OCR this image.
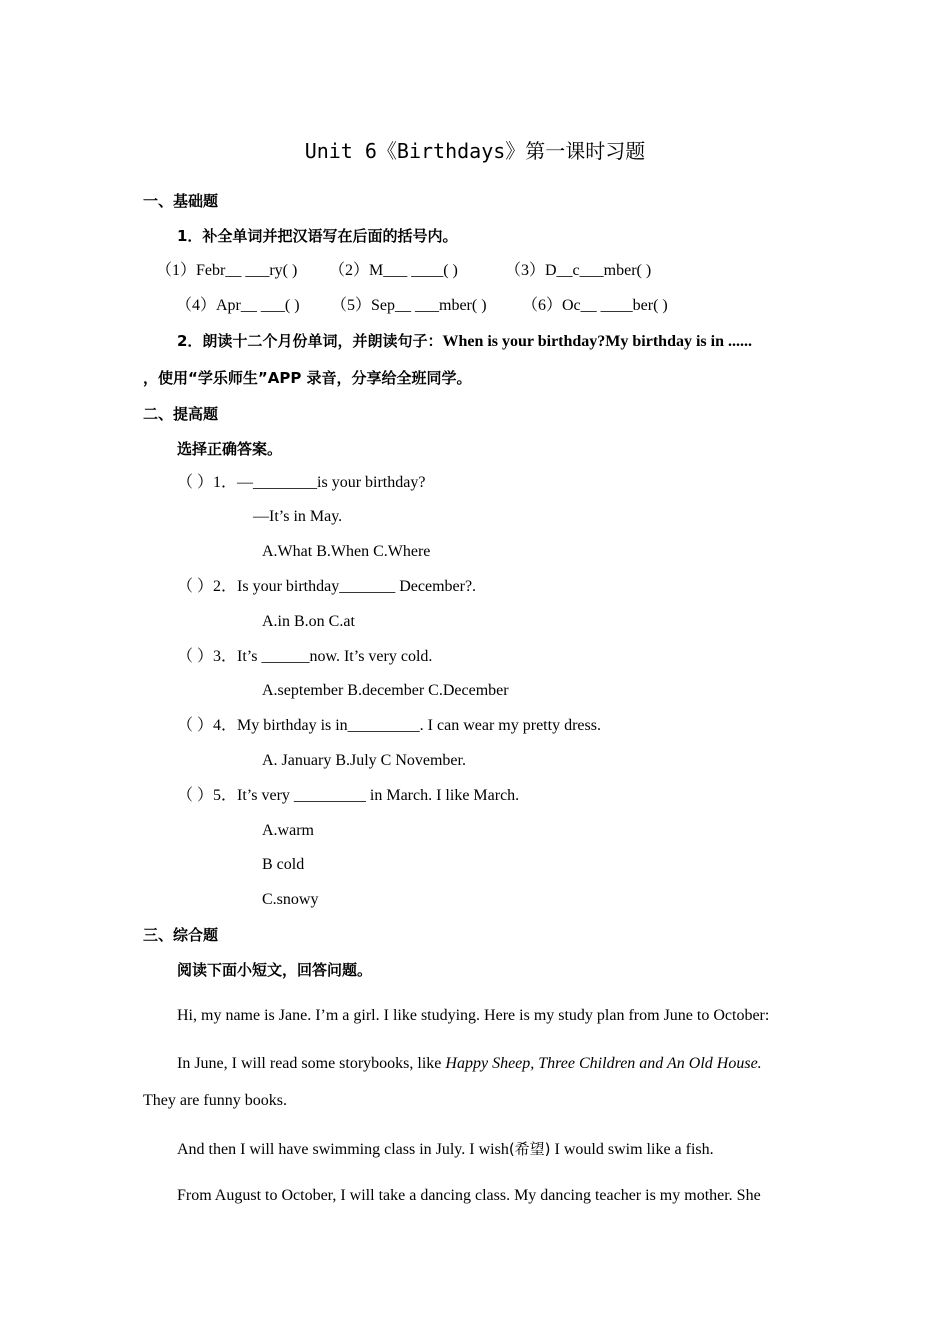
Unit 6《Birthdays》第一课时习题
一、基础题
1．补全单词并把汉语写在后面的括号内。
（1）Febr__ ___ry( ) （2）M___ ____( )	（3）D__c___mber( )
（4）Apr__ ___( ) （5）Sep__ ___mber( ) （6）Oc__ ____ber( )
2．朗读十二个月份单词，并朗读句子：When is your birthday?My birthday is in ......
，使用“学乐师生”APP 录音，分享给全班同学。
二、提高题
选择正确答案。
（ ）1．—________is your birthday?
—It’s in May.
A.What B.When C.Where
（ ）2．Is your birthday_______ December?.
A.in B.on C.at
（ ）3．It’s ______now. It’s very cold.
A.september B.december C.December
（ ）4．My birthday is in_________. I can wear my pretty dress.
A. January B.July C November.
（ ）5．It’s very _________ in March. I like March.
A.warm
B cold
C.snowy
三、综合题
阅读下面小短文，回答问题。
Hi, my name is Jane. I’m a girl. I like studying. Here is my study plan from June to October:
In June, I will read some storybooks, like Happy Sheep, Three Children and An Old House.
They are funny books.
And then I will have swimming class in July. I wish(希望) I would swim like a fish.
From August to October, I will take a dancing class. My dancing teacher is my mother. She
